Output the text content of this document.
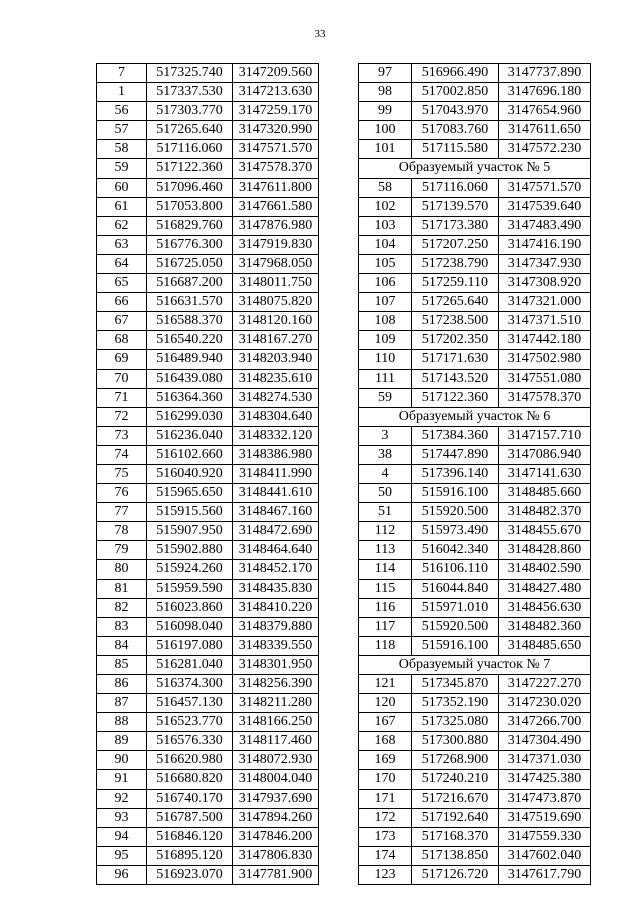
33
7	517325.740	3147209.560
1	517337.530	3147213.630
56	517303.770	3147259.170
57	517265.640	3147320.990
58	517116.060	3147571.570
59	517122.360	3147578.370
60	517096.460	3147611.800
61	517053.800	3147661.580
62	516829.760	3147876.980
63	516776.300	3147919.830
64	516725.050	3147968.050
65	516687.200	3148011.750
66	516631.570	3148075.820
67	516588.370	3148120.160
68	516540.220	3148167.270
69	516489.940	3148203.940
70	516439.080	3148235.610
71	516364.360	3148274.530
72	516299.030	3148304.640
73	516236.040	3148332.120
74	516102.660	3148386.980
75	516040.920	3148411.990
76	515965.650	3148441.610
77	515915.560	3148467.160
78	515907.950	3148472.690
79	515902.880	3148464.640
80	515924.260	3148452.170
81	515959.590	3148435.830
82	516023.860	3148410.220
83	516098.040	3148379.880
84	516197.080	3148339.550
85	516281.040	3148301.950
86	516374.300	3148256.390
87	516457.130	3148211.280
88	516523.770	3148166.250
89	516576.330	3148117.460
90	516620.980	3148072.930
91	516680.820	3148004.040
92	516740.170	3147937.690
93	516787.500	3147894.260
94	516846.120	3147846.200
95	516895.120	3147806.830
96	516923.070	3147781.900
97	516966.490	3147737.890
98	517002.850	3147696.180
99	517043.970	3147654.960
100	517083.760	3147611.650
101	517115.580	3147572.230
Образуемый участок № 5		
58	517116.060	3147571.570
102	517139.570	3147539.640
103	517173.380	3147483.490
104	517207.250	3147416.190
105	517238.790	3147347.930
106	517259.110	3147308.920
107	517265.640	3147321.000
108	517238.500	3147371.510
109	517202.350	3147442.180
110	517171.630	3147502.980
111	517143.520	3147551.080
59	517122.360	3147578.370
Образуемый участок № 6		
3	517384.360	3147157.710
38	517447.890	3147086.940
4	517396.140	3147141.630
50	515916.100	3148485.660
51	515920.500	3148482.370
112	515973.490	3148455.670
113	516042.340	3148428.860
114	516106.110	3148402.590
115	516044.840	3148427.480
116	515971.010	3148456.630
117	515920.500	3148482.360
118	515916.100	3148485.650
Образуемый участок № 7		
121	517345.870	3147227.270
120	517352.190	3147230.020
167	517325.080	3147266.700
168	517300.880	3147304.490
169	517268.900	3147371.030
170	517240.210	3147425.380
171	517216.670	3147473.870
172	517192.640	3147519.690
173	517168.370	3147559.330
174	517138.850	3147602.040
123	517126.720	3147617.790
